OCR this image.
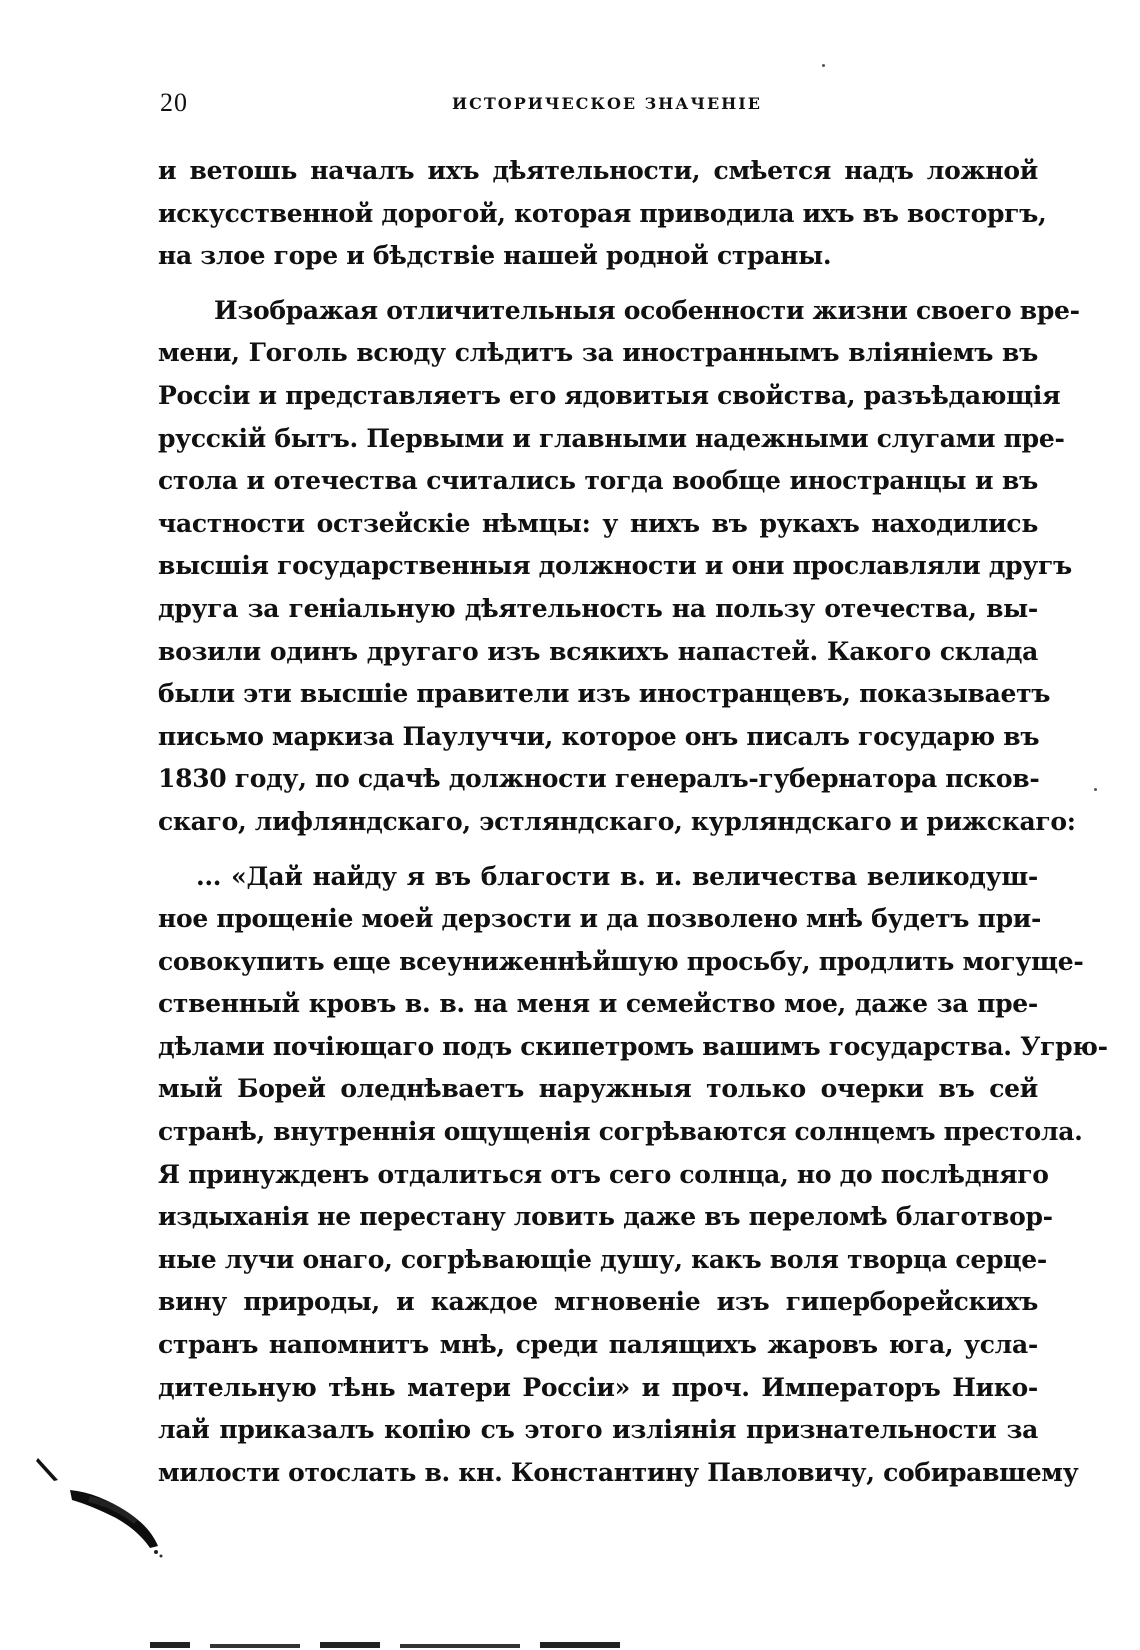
20	ИСТОРИЧЕСКОЕ ЗНАЧЕНІЕ
и ветошь началъ ихъ дѣятельности, смѣется надъ ложной
искусственной дорогой, которая приводила ихъ въ восторгъ,
на злое горе и бѣдствіе нашей родной страны.
Изображая отличительныя особенности жизни своего вре-
мени, Гоголь всюду слѣдитъ за иностраннымъ вліяніемъ въ
Россіи и представляетъ его ядовитыя свойства, разъѣдающія
русскій бытъ. Первыми и главными надежными слугами пре-
стола и отечества считались тогда вообще иностранцы и въ
частности остзейскіе нѣмцы: у нихъ въ рукахъ находились
высшія государственныя должности и они прославляли другъ
друга за геніальную дѣятельность на пользу отечества, вы-
возили одинъ другаго изъ всякихъ напастей. Какого склада
были эти высшіе правители изъ иностранцевъ, показываетъ
письмо маркиза Паулуччи, которое онъ писалъ государю въ
1830 году, по сдачѣ должности генералъ-губернатора псков-
скаго, лифляндскаго, эстляндскаго, курляндскаго и рижскаго:
... «Дай найду я въ благости в. и. величества великодуш-
ное прощеніе моей дерзости и да позволено мнѣ будетъ при-
совокупить еще всеуниженнѣйшую просьбу, продлить могуще-
ственный кровъ в. в. на меня и семейство мое, даже за пре-
дѣлами почіющаго подъ скипетромъ вашимъ государства. Угрю-
мый Борей оледнѣваетъ наружныя только очерки въ сей
странѣ, внутреннія ощущенія согрѣваются солнцемъ престола.
Я принужденъ отдалиться отъ сего солнца, но до послѣдняго
издыханія не перестану ловить даже въ переломѣ благотвор-
ные лучи онаго, согрѣвающіе душу, какъ воля творца серце-
вину природы, и каждое мгновеніе изъ гиперборейскихъ
странъ напомнитъ мнѣ, среди палящихъ жаровъ юга, усла-
дительную тѣнь матери Россіи» и проч. Императоръ Нико-
лай приказалъ копію съ этого изліянія признательности за
милости отослать в. кн. Константину Павловичу, собиравшему
